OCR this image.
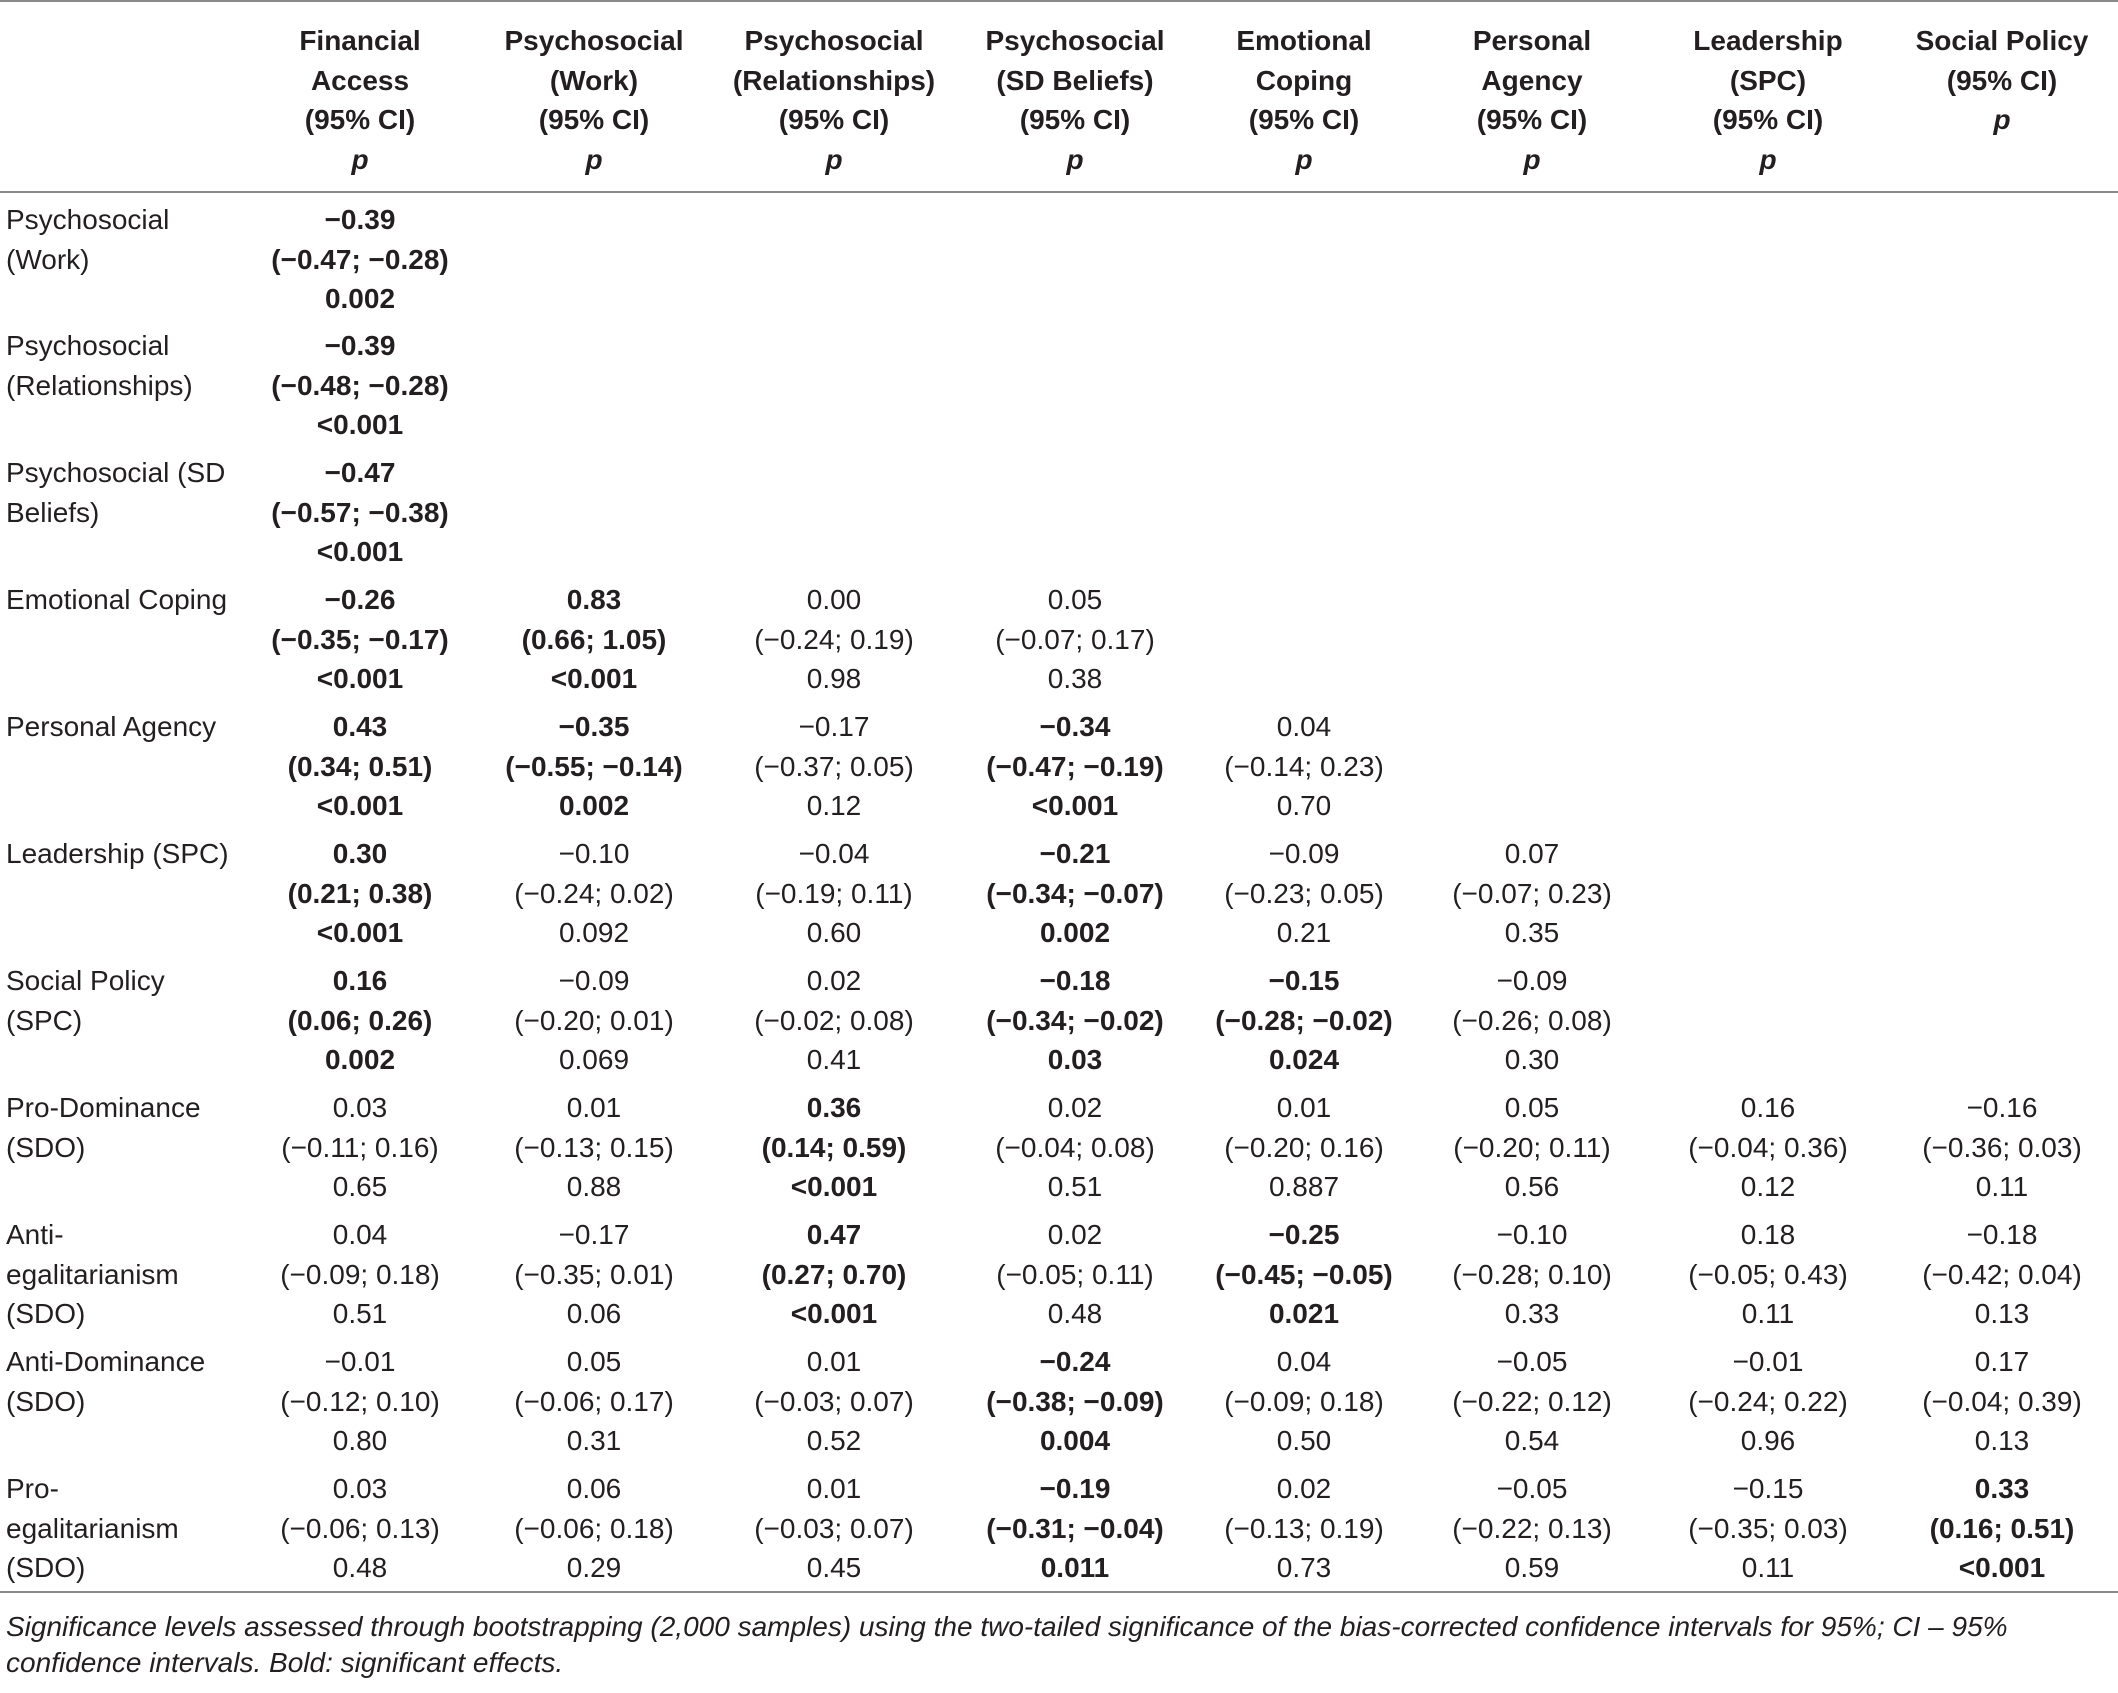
	Financial
Access
(95% CI)
p	Psychosocial
(Work)
(95% CI)
p	Psychosocial
(Relationships)
(95% CI)
p	Psychosocial
(SD Beliefs)
(95% CI)
p	Emotional
Coping
(95% CI)
p	Personal
Agency
(95% CI)
p	Leadership
(SPC)
(95% CI)
p	Social Policy
(95% CI)
p

Psychosocial
(Work)	−0.39
(−0.47; −0.28)
0.002							

Psychosocial
(Relationships)	−0.39
(−0.48; −0.28)
<0.001							

Psychosocial (SD
Beliefs)	−0.47
(−0.57; −0.38)
<0.001							

Emotional Coping	−0.26
(−0.35; −0.17)
<0.001	0.83
(0.66; 1.05)
<0.001	0.00
(−0.24; 0.19)
0.98	0.05
(−0.07; 0.17)
0.38				

Personal Agency	0.43
(0.34; 0.51)
<0.001	−0.35
(−0.55; −0.14)
0.002	−0.17
(−0.37; 0.05)
0.12	−0.34
(−0.47; −0.19)
<0.001	0.04
(−0.14; 0.23)
0.70			

Leadership (SPC)	0.30
(0.21; 0.38)
<0.001	−0.10
(−0.24; 0.02)
0.092	−0.04
(−0.19; 0.11)
0.60	−0.21
(−0.34; −0.07)
0.002	−0.09
(−0.23; 0.05)
0.21	0.07
(−0.07; 0.23)
0.35		

Social Policy
(SPC)	0.16
(0.06; 0.26)
0.002	−0.09
(−0.20; 0.01)
0.069	0.02
(−0.02; 0.08)
0.41	−0.18
(−0.34; −0.02)
0.03	−0.15
(−0.28; −0.02)
0.024	−0.09
(−0.26; 0.08)
0.30		

Pro-Dominance
(SDO)	0.03
(−0.11; 0.16)
0.65	0.01
(−0.13; 0.15)
0.88	0.36
(0.14; 0.59)
<0.001	0.02
(−0.04; 0.08)
0.51	0.01
(−0.20; 0.16)
0.887	0.05
(−0.20; 0.11)
0.56	0.16
(−0.04; 0.36)
0.12	−0.16
(−0.36; 0.03)
0.11

Anti-
egalitarianism
(SDO)	0.04
(−0.09; 0.18)
0.51	−0.17
(−0.35; 0.01)
0.06	0.47
(0.27; 0.70)
<0.001	0.02
(−0.05; 0.11)
0.48	−0.25
(−0.45; −0.05)
0.021	−0.10
(−0.28; 0.10)
0.33	0.18
(−0.05; 0.43)
0.11	−0.18
(−0.42; 0.04)
0.13

Anti-Dominance
(SDO)	−0.01
(−0.12; 0.10)
0.80	0.05
(−0.06; 0.17)
0.31	0.01
(−0.03; 0.07)
0.52	−0.24
(−0.38; −0.09)
0.004	0.04
(−0.09; 0.18)
0.50	−0.05
(−0.22; 0.12)
0.54	−0.01
(−0.24; 0.22)
0.96	0.17
(−0.04; 0.39)
0.13

Pro-
egalitarianism
(SDO)	0.03
(−0.06; 0.13)
0.48	0.06
(−0.06; 0.18)
0.29	0.01
(−0.03; 0.07)
0.45	−0.19
(−0.31; −0.04)
0.011	0.02
(−0.13; 0.19)
0.73	−0.05
(−0.22; 0.13)
0.59	−0.15
(−0.35; 0.03)
0.11	0.33
(0.16; 0.51)
<0.001
Significance levels assessed through bootstrapping (2,000 samples) using the two-tailed significance of the bias-corrected confidence intervals for 95%; CI – 95% confidence intervals. Bold: significant effects.
